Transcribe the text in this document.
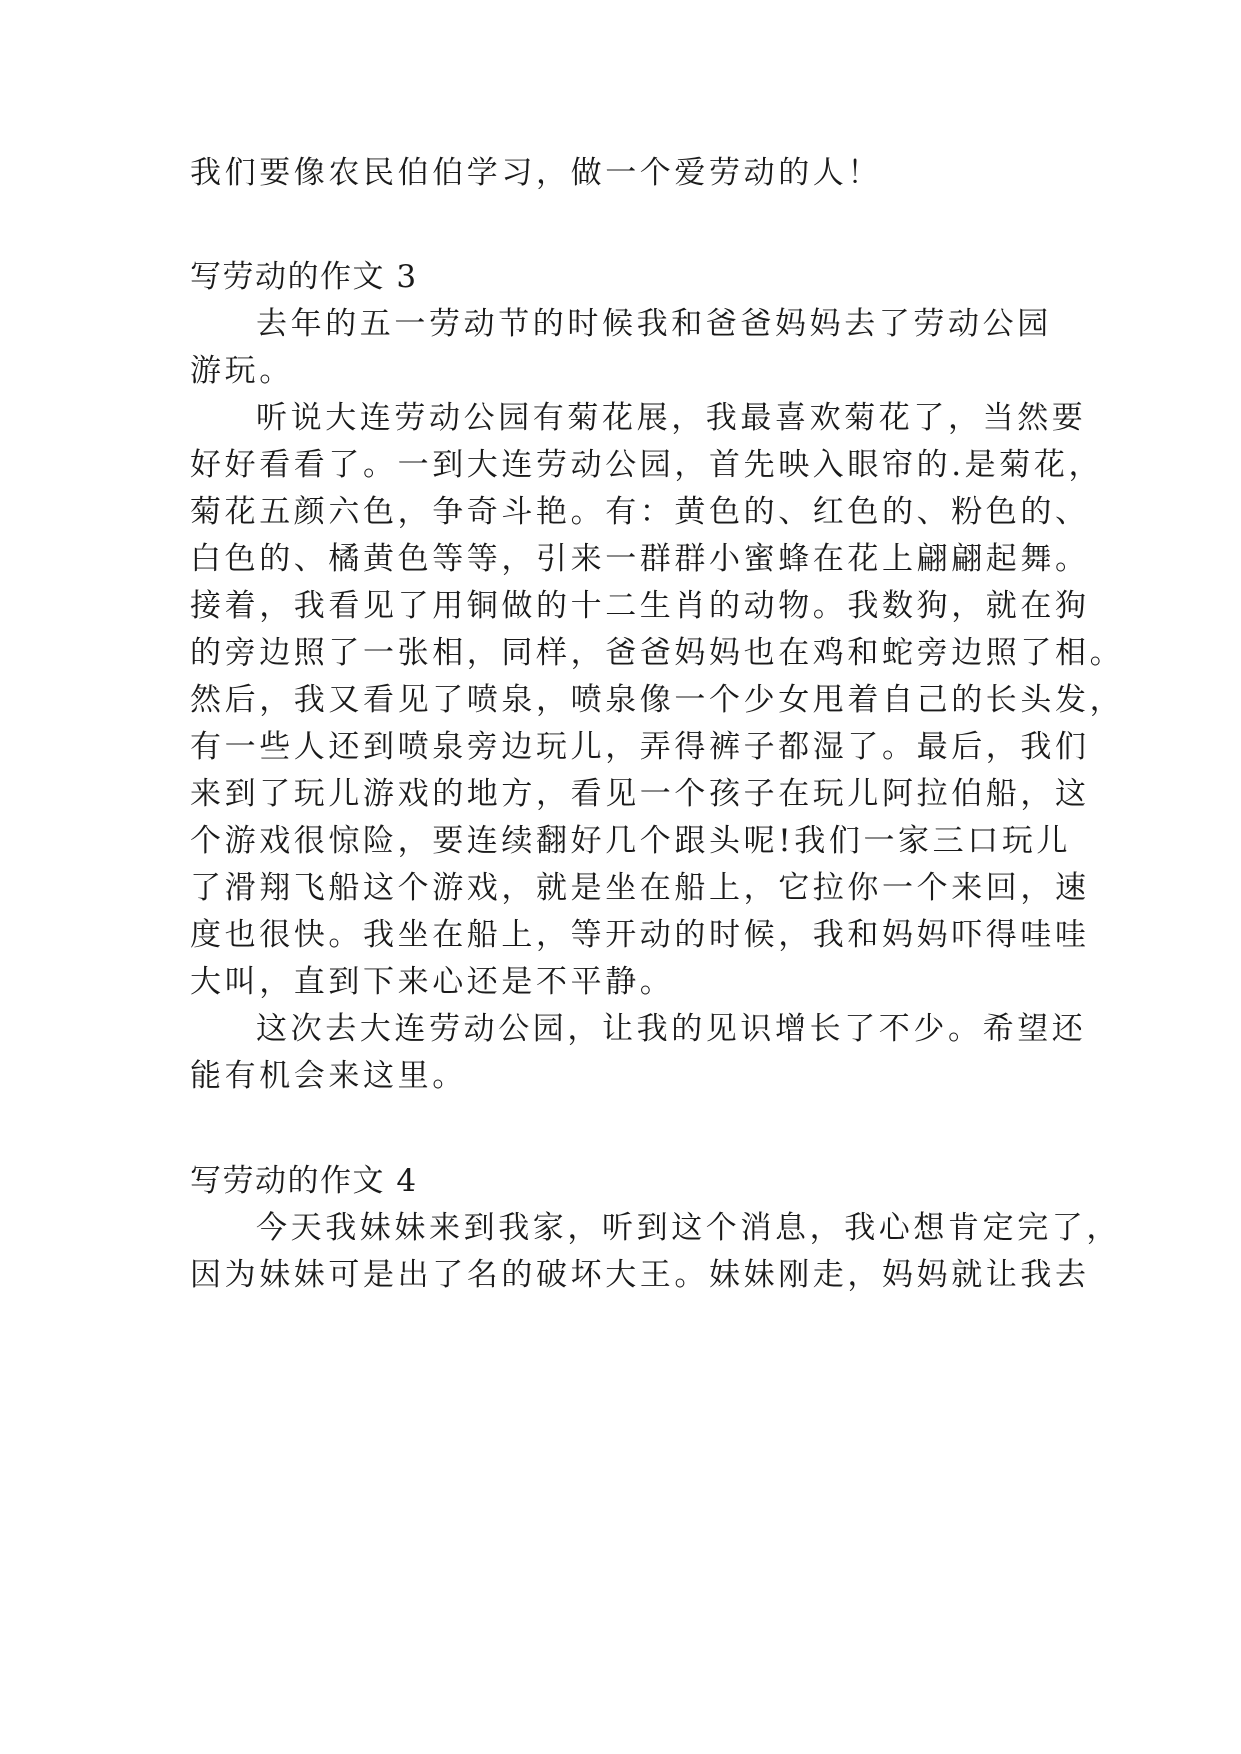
我们要像农民伯伯学习，做一个爱劳动的人！
写劳动的作文 3
去年的五一劳动节的时候我和爸爸妈妈去了劳动公园
游玩。
听说大连劳动公园有菊花展，我最喜欢菊花了，当然要
好好看看了。一到大连劳动公园，首先映入眼帘的.是菊花，
菊花五颜六色，争奇斗艳。有：黄色的、红色的、粉色的、
白色的、橘黄色等等，引来一群群小蜜蜂在花上翩翩起舞。
接着，我看见了用铜做的十二生肖的动物。我数狗，就在狗
的旁边照了一张相，同样，爸爸妈妈也在鸡和蛇旁边照了相。
然后，我又看见了喷泉，喷泉像一个少女甩着自己的长头发，
有一些人还到喷泉旁边玩儿，弄得裤子都湿了。最后，我们
来到了玩儿游戏的地方，看见一个孩子在玩儿阿拉伯船，这
个游戏很惊险，要连续翻好几个跟头呢!我们一家三口玩儿
了滑翔飞船这个游戏，就是坐在船上，它拉你一个来回，速
度也很快。我坐在船上，等开动的时候，我和妈妈吓得哇哇
大叫，直到下来心还是不平静。
这次去大连劳动公园，让我的见识增长了不少。希望还
能有机会来这里。
写劳动的作文 4
今天我妹妹来到我家，听到这个消息，我心想肯定完了，
因为妹妹可是出了名的破坏大王。妹妹刚走，妈妈就让我去
